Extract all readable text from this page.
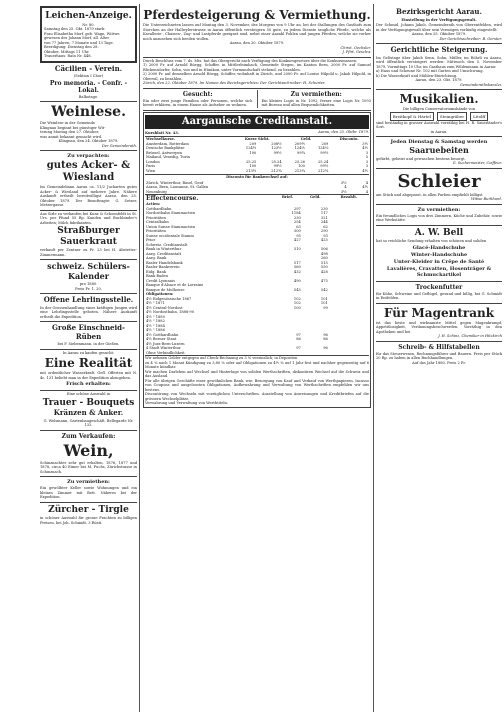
Leichen-Anzeige.
Nr. 80.
Samstag den 25. Okt. 1879 starb:
Frau Elisabetha Morf, geb. Wagn, Wittwe
gewesen des Johann Morf, all. Alter
von 77 Jahren, 7 Monate und 13 Tage.
Beerdigung: Dienstag den 28.
Oktober, Mittags 11 Uhr.
Trauerhaus: Rain Nr. 448.
Cäcilien - Verein.
(Sektion I Chor)
Pro memoria. - Confr. - Lokal.
Balkotage.
Weinlese.
Die Weinlese in der Gemeinde
Klingnau beginnt bei günstiger Wit-
terung Montag den 27. Oktober,
was anmit bekannt gemacht wird.
Klingnau, den 24. Oktober 1879.
Der Gemeinderath.
Zu verpachten:
gutes Acker- & Wiesland

Im Gemeindebann Aarau ca. 11/2 Jucharten gutes Acker- & Wiesland auf mehrere Jahre. Nähere Auskunft ertheilt bereitwilligst Aarau, den 25. Oktober 1879. Der Beauftragte: G. Setzer, Metzergasse.

Aus Sirle zu verkaufen bei Kunz & Schoenfeldt in St. Urs. per Pfund 55 Rp. Kunden und Buchbinder's Arbeiten; Milch fabrikanten.

Straßburger Sauerkraut

verkauft per Zentner zu Fr. 23 bei H. Abstetter-Zimmermann.

schweiz. Schülers-Kalender
pro 1880.
Preis Fr. 1. 20.
Offene Lehrlingsstelle.

In der Grossenhandlung eines kräftigen Jungen wird eine Lehrlingsstelle geboten. Nähere Auskunft ertheilt die Expedition.

Große Einschneid-Rüben
bei F. Siebenmann, in der Gießen.
In Aarau zu kaufen gesucht:
Eine Realität

mit ordentlicher Wasserkraft. Gefl. Offerten mit N. 4c. 131 beliebt man in der Expedition abzugeben.

Frisch erhalten:
Eine schöne Auswahl in
Trauer - Bouquets
Kränzen & Anker.
G. Welsmann, Gartenbaugeschäft, Bellegarde Nr. 132.
Zum Verkaufen:
Wein,

Schinznachter sehr gut erhalten, 1876, 1877 und 1878, circa 40 Eimer bei M. Fuchs, Zürichstrasse in Schinznach.

Zu vermiethen:

Ein gewölbter Keller sowie Wohnungen und ein kleines Zimmer mit Bett. Näheres bei der Expedition.

Zürcher - Tirgle

in schöner Auswahl für grosse Frachten zu billigen Preisen, bei Joh. Schmidt, 3 Rüsti.

Pferdesteigerung & Vermiethung.

Die Unterzeichneten lassen auf Montag den 3. November, des Morgens von 9 Uhr an, bei der Stallungen des Gasthofs zum Storchen an der Hallwylerstrasse in Aarau öffentlich versteigern 50 gute, zu jedem Dienste taugliche Pferde, welche als Kavallerie-, Chaisen-, Zug- und Lastpferde geeignet sind, nebst einer Anzahl Fohlen und jungen Pferden, welche sie vorher noch anzusehen sich beeilen wollen.

Aarau, den 20. Oktober 1879.
Christ. Oechsler,
J. Pfirt, Geschw.

Durch Beschluss vom 7. ds. Mts. hat das Obergericht nach Verfügung des Konkursgesetzes über die Konkursmassen:

1) 2000 Fr. auf Arnold Rüegg, Schiffer, in Mittlerleimbach, Gemeinde Stegen, im Kanton Bern, 2000 Fr. auf Samuel Blickensdorfer, Sohn, von und in Hünikon, unter Vormundschaft stehend, zu bezahlen.

2) 2000 Fr. auf demselben Arnold Rüegg, Schiffer, wohnhaft in Zürich, und 2000 Fr. auf Louise Hilpold u. Jakob Hilpold, in Oberwil, zu bezahlen.

Zürich, den 22. Oktober 1879. Im Namen des Bezirksgerichtes: Der Gerichtsschreiber: H. Schurter.

Gesucht:

Ein oder zwei junge Familien oder Personen, welche sich bereit erklären, in einem Hause als Aufseher zu wohnen.

Zu vermiethen:

Ein kleines Logis in Nr. 1092; ferner eine Logis Nr. 1093 mit Bureau und allen Bequemlichkeiten.

Aargauische Creditanstalt.
Kursblatt Nr. 43.	Aarau, den 25. Oktbr. 1879.
Wechselkurse.	Kurze Sicht.		Geld.		Disconto.
Amsterdam, Rotterdam	209	208½	209½	209	3½
Deutsche Bankplätze	124½	123½	124⅝	124⅛	4½
Brüssel, Antwerpen	100	99½	99¾	99½	3
Mailand, Venedig, Turin					5
London	25.25	25.24	25.26	25.24	3
Paris	100	99½	100	99½	3
Wien	213½	212¾	213¼	212¾	4½
Disconto für Bankwechsel auf:
Zürich, Winterthur, Basel, Genf		3½	4
Aarau, Bern, Lausanne, St. Gallen		4	4½
Neuenburg		3½	4
Effectencourse.	Brief.	Geld.	Bezahlt.
Actien:			
Gotthardbahn	297	230	
Nordostbahn Stammactien	1184	117	
Prioritäten	230	321	
Centralbahn	254	244	
Union Suisse Stammactien	63	62	
Prioritäten	300	290	
Suisse occidentale Stamm	95	93	
Prior	427	425	
Schweiz. Creditanstalt			
Bank in Winterthur	510	506	
Aarg. Creditanstalt		498	
Aarg. Bank		260	
Basler Handelsbank	517	515	
Basler Bankverein	560	550	
Eidg. Bank	432	428	
Bank Baden			
Credit Lyonnais	490	475	
Banque d'Alsace et de Lorraine			
Banque de Mulhouse	545	542	
Obligationen:			
4½ Eidgenössische 1867	102	101	
4½ " 1871	102	101	
4½ Central-Nordost	100	99	
4½ Nordostbahn, 1888-90			
4½ " 1880			
4½ " 1882			
4½ " 1884			
4½ " 1886			
4½ Gotthardbahn	97	96	
4½ Berner Staat	86	86	
4½ Jura-Bern-Luzern			
4 Stadt Winterthur	97	96	
Ohne Verbindlichkeit.			

Wir nehmen Gelder entgegen auf Check-Rechnung zu 3 % verzinslich; in Depositen

zu 4 % nach 1 Monat Kündigung zu 3,80 % oder auf Obligationen zu 4½ % auf 1 Jahr fest und nachher gegenseitig auf 6 Monate kündbar.

Wir machen Darlehen auf Wechsel und Hinterlage von soliden Werthschriften, diskontiren Wechsel auf die Schweiz und das Ausland.

Für alle übrigen Geschäfte einer gewöhnlichen Bank, wie: Besorgung von Kauf und Verkauf von Werthpapieren, Incasso von Coupons und ausgeloosten Obligationen, Aufbewahrung und Verwaltung von Werthschriften empfehlen wir uns bestens.

Discontirung von Wechseln mit vorzüglichen Unterschriften. Ausstellung von Anweisungen und Kreditbriefen auf die grössern Wechselplätze.

Verwahrung und Verwaltung von Werthtiteln.

Bezirksgericht Aarau.
Einstellung in der Verfügungsgewalt.

Der Schmid, Johann Jakob, Gemeinderath von Oberentfelden, wird in der Verfügungsgewalt über sein Vermögen vorläufig eingestellt.

Aarau, den 25. Oktober 1879.
Der Gerichtsschreiber: B. Gerster.
Gerichtliche Steigerung.

Im Geltstage über Jakob Senn, Sohn, Müller, im Röhrli zu Aarau, wird öffentlich versteigert werden: Mittwoch den 5. November 1879, Vormittags 10 Uhr, im Gasthaus zum Wildenmann in Aarau:

a) Haus und Scheune Nr. 102 mit Garten und Umschwung.

b) Die Wasserkraft und Mühlen-Einrichtung.

Aarau, den 23. Okt. 1879.
Gemeinderathskanzlei.
Musikalien.
Die billigen Conservatoriumsbände von
Breitkopf & Härtel	Steingräber	Litolff

sind beständig in grosser Auswahl vorräthig bei H. R. Sauerländer's Sort.

in Aarau.
Jeden Dienstag & Samstag werden
Saaruebeiten

gefärbt, gebeizt und gewaschen bestens besorgt.

G. Suchermeister, Coiffeur.
Schleier

am Stück und abgepasst, in allen Farben empfiehlt billigst

Witwe Burkhard.
Zu vermiethen:

Ein freundliches Logis von drei Zimmern, Küche und Zubehör, sowie eine Werkstätte.

A. W. Bell

hat so reichliche Sendung erhalten von schönen und soliden

Glacé-Handschuhe
Winter-Handschuhe
Unter-Kleider in Crêpe de Santé
Lavalières, Cravatten, Hosenträger & Schmuckartikel
Trockenfutter

für Kühe, Schweine und Geflügel, gesund und billig, bei G. Schmidt in Entfelden.

Für Magentrank

ist das beste und wirksamste Mittel gegen Magenkrampf, Appetitlosigkeit, Verdauungsbeschwerden. Vorräthig in den Apotheken und bei

J. H. Schinz, Chemiker in Hitzkirch
Schreib- & Hilfstabellen

für das Steuerwesen, Rechnungsführer und Bauern. Preis per Stück 20 Rp. zu haben in allen Buchhandlungen.

Auf das Jahr 1880. Preis 2 Fr.
